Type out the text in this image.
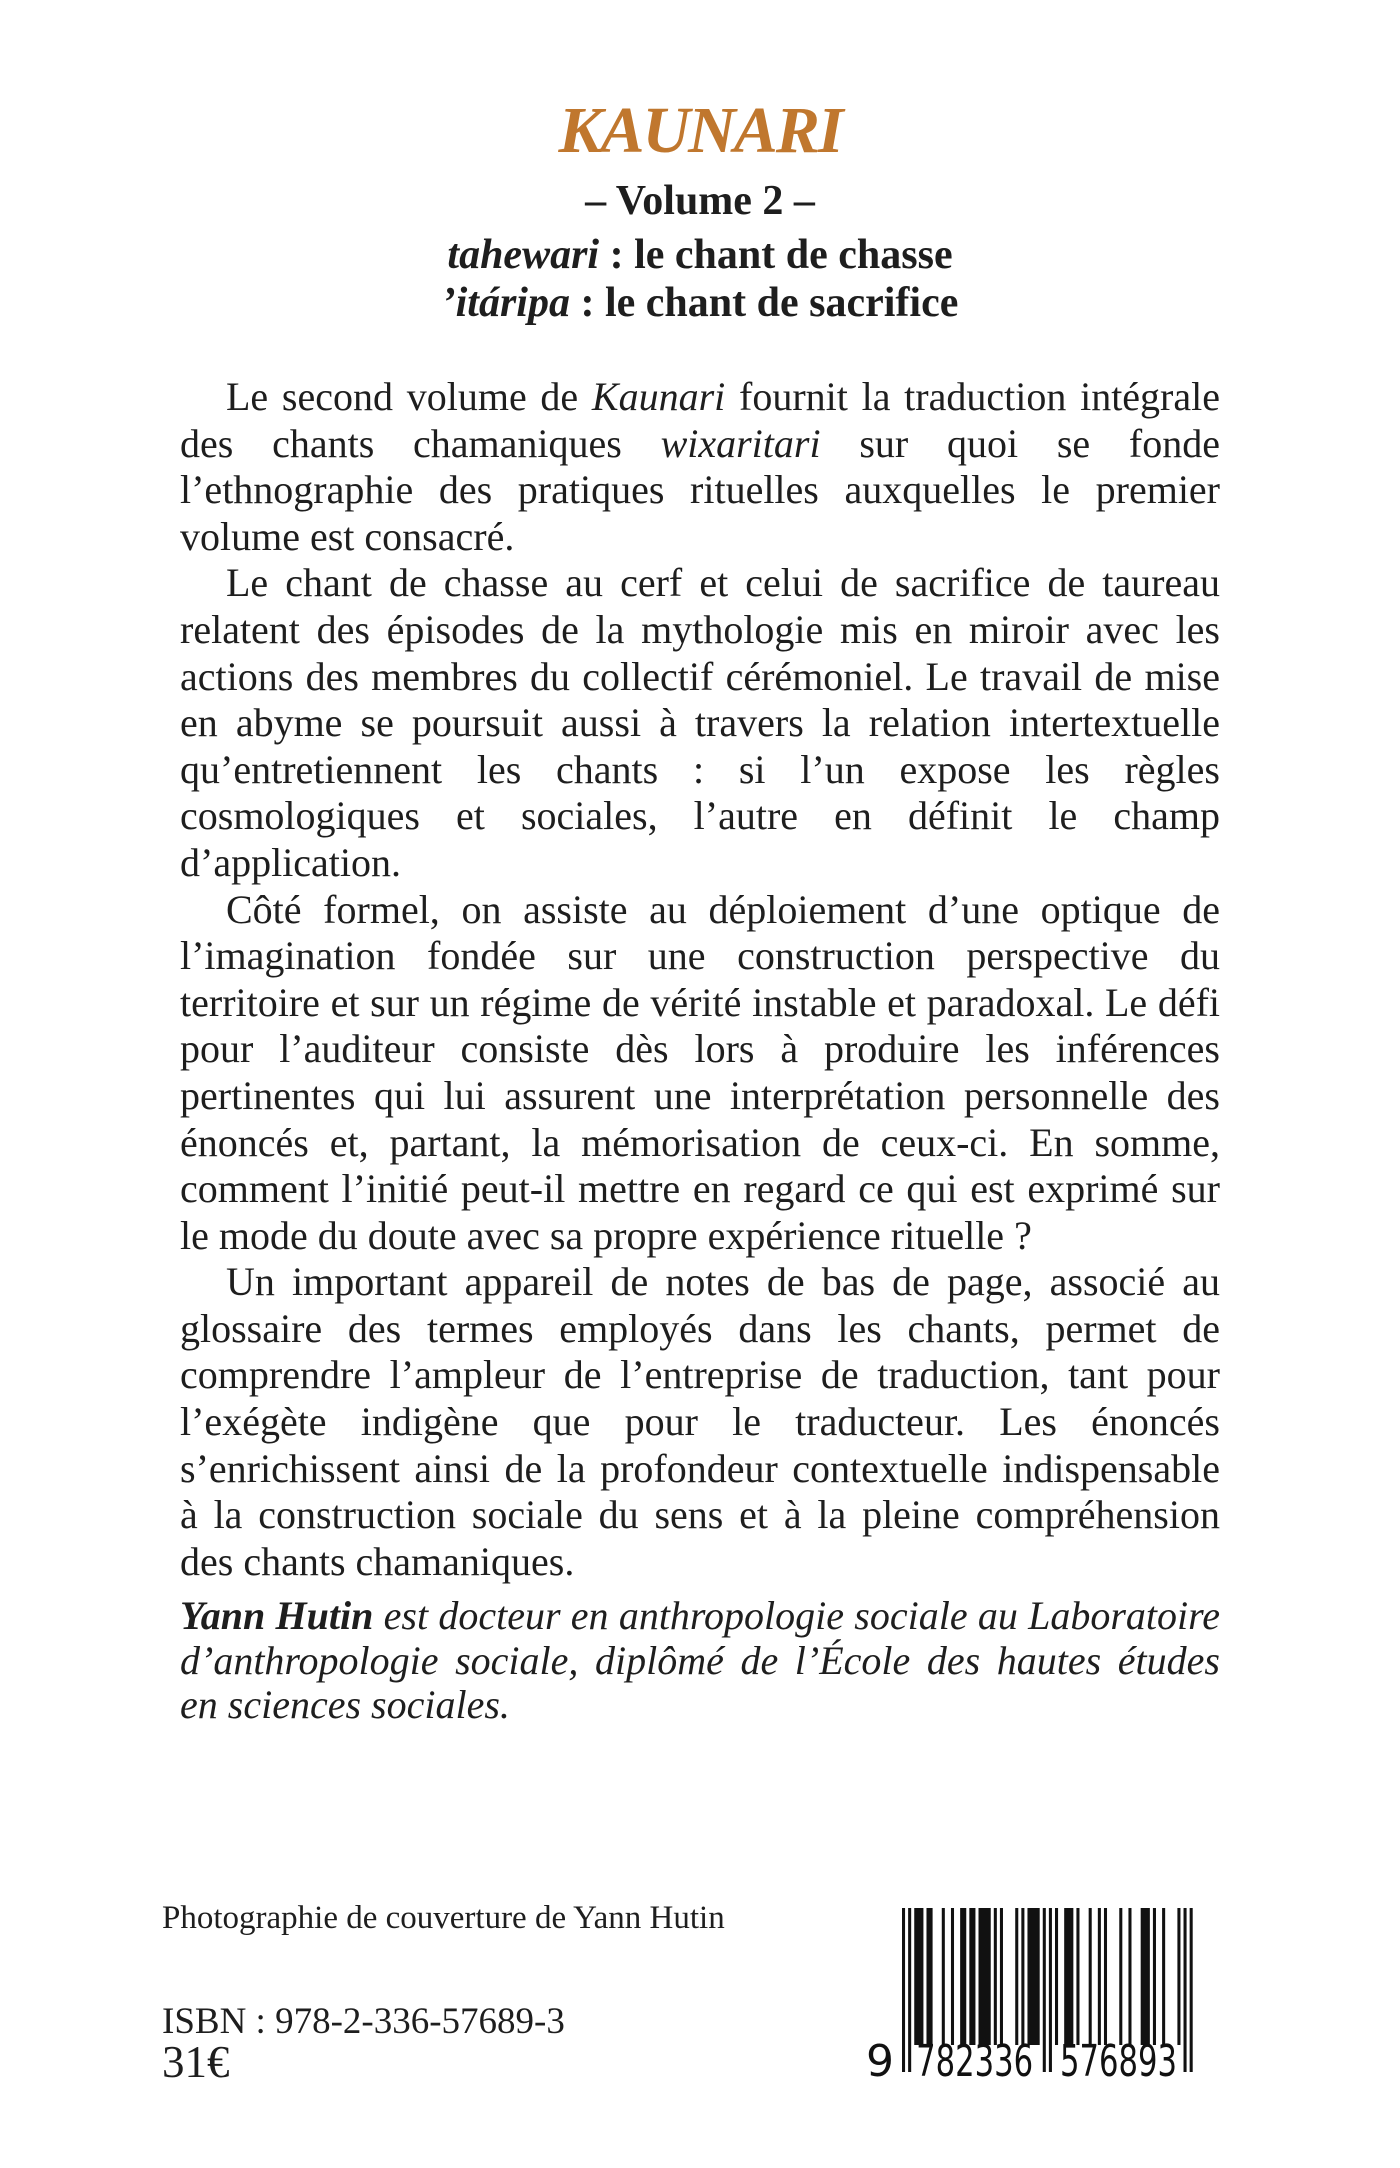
KAUNARI
– Volume 2 –
tahewari : le chant de chasse
’itáripa : le chant de sacrifice

Le second volume de Kaunari fournit la traduction intégrale des chants chamaniques wixaritari sur quoi se fonde l’ethnographie des pratiques rituelles auxquelles le premier volume est consacré.

Le chant de chasse au cerf et celui de sacrifice de taureau relatent des épisodes de la mythologie mis en miroir avec les actions des membres du collectif cérémoniel. Le travail de mise en abyme se poursuit aussi à travers la relation intertextuelle qu’entretiennent les chants : si l’un expose les règles cosmologiques et sociales, l’autre en définit le champ d’application.

Côté formel, on assiste au déploiement d’une optique de l’imagination fondée sur une construction perspective du territoire et sur un régime de vérité instable et paradoxal. Le défi pour l’auditeur consiste dès lors à produire les inférences pertinentes qui lui assurent une interprétation personnelle des énoncés et, partant, la mémorisation de ceux-ci. En somme, comment l’initié peut-il mettre en regard ce qui est exprimé sur le mode du doute avec sa propre expérience rituelle ?

Un important appareil de notes de bas de page, associé au glossaire des termes employés dans les chants, permet de comprendre l’ampleur de l’entreprise de traduction, tant pour l’exégète indigène que pour le traducteur. Les énoncés s’enrichissent ainsi de la profondeur contextuelle indispensable à la construction sociale du sens et à la pleine compréhension des chants chamaniques.

Yann Hutin est docteur en anthropologie sociale au Laboratoire d’anthropologie sociale, diplômé de l’École des hautes études en sciences sociales.
Photographie de couverture de Yann Hutin
ISBN : 978-2-336-57689-3
31€	9 782336 576893
